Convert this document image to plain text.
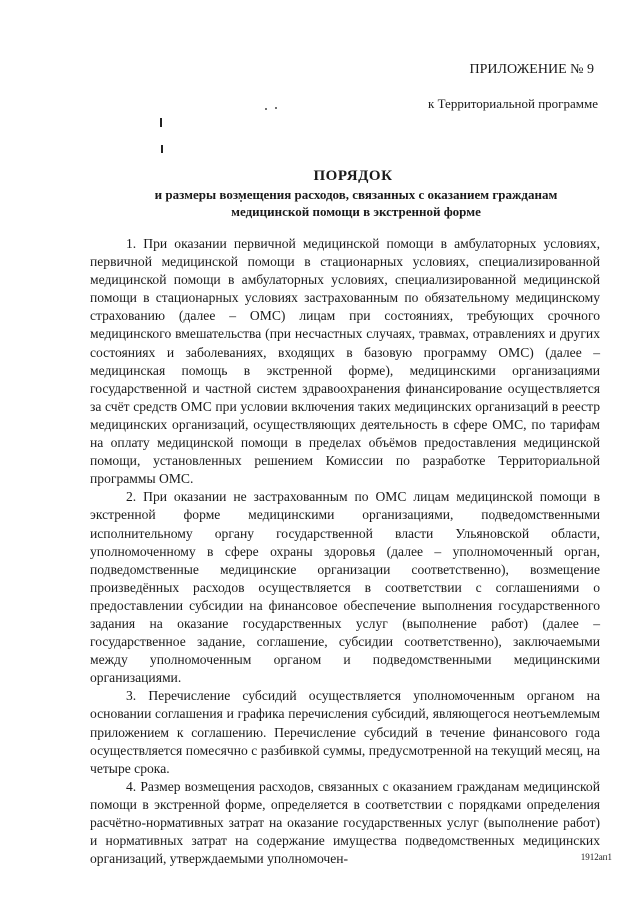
ПРИЛОЖЕНИЕ № 9
к Территориальной программе
ПОРЯДОК
и размеры возмещения расходов, связанных с оказанием гражданам медицинской помощи в экстренной форме

1. При оказании первичной медицинской помощи в амбулаторных условиях, первичной медицинской помощи в стационарных условиях, специализированной медицинской помощи в амбулаторных условиях, специализированной медицинской помощи в стационарных условиях застрахованным по обязательному медицинскому страхованию (далее – ОМС) лицам при состояниях, требующих срочного медицинского вмешательства (при несчастных случаях, травмах, отравлениях и других состояниях и заболеваниях, входящих в базовую программу ОМС) (далее – медицинская помощь в экстренной форме), медицинскими организациями государственной и частной систем здравоохранения финансирование осуществляется за счёт средств ОМС при условии включения таких медицинских организаций в реестр медицинских организаций, осуществляющих деятельность в сфере ОМС, по тарифам на оплату медицинской помощи в пределах объёмов предоставления медицинской помощи, установленных решением Комиссии по разработке Территориальной программы ОМС.

2. При оказании не застрахованным по ОМС лицам медицинской помощи в экстренной форме медицинскими организациями, подведомственными исполнительному органу государственной власти Ульяновской области, уполномоченному в сфере охраны здоровья (далее – уполномоченный орган, подведомственные медицинские организации соответственно), возмещение произведённых расходов осуществляется в соответствии с соглашениями о предоставлении субсидии на финансовое обеспечение выполнения государственного задания на оказание государственных услуг (выполнение работ) (далее – государственное задание, соглашение, субсидии соответственно), заключаемыми между уполномоченным органом и подведомственными медицинскими организациями.

3. Перечисление субсидий осуществляется уполномоченным органом на основании соглашения и графика перечисления субсидий, являющегося неотъемлемым приложением к соглашению. Перечисление субсидий в течение финансового года осуществляется помесячно с разбивкой суммы, предусмотренной на текущий месяц, на четыре срока.

4. Размер возмещения расходов, связанных с оказанием гражданам медицинской помощи в экстренной форме, определяется в соответствии с порядками определения расчётно-нормативных затрат на оказание государственных услуг (выполнение работ) и нормативных затрат на содержание имущества подведомственных медицинских организаций, утверждаемыми уполномочен-	1912ап1
